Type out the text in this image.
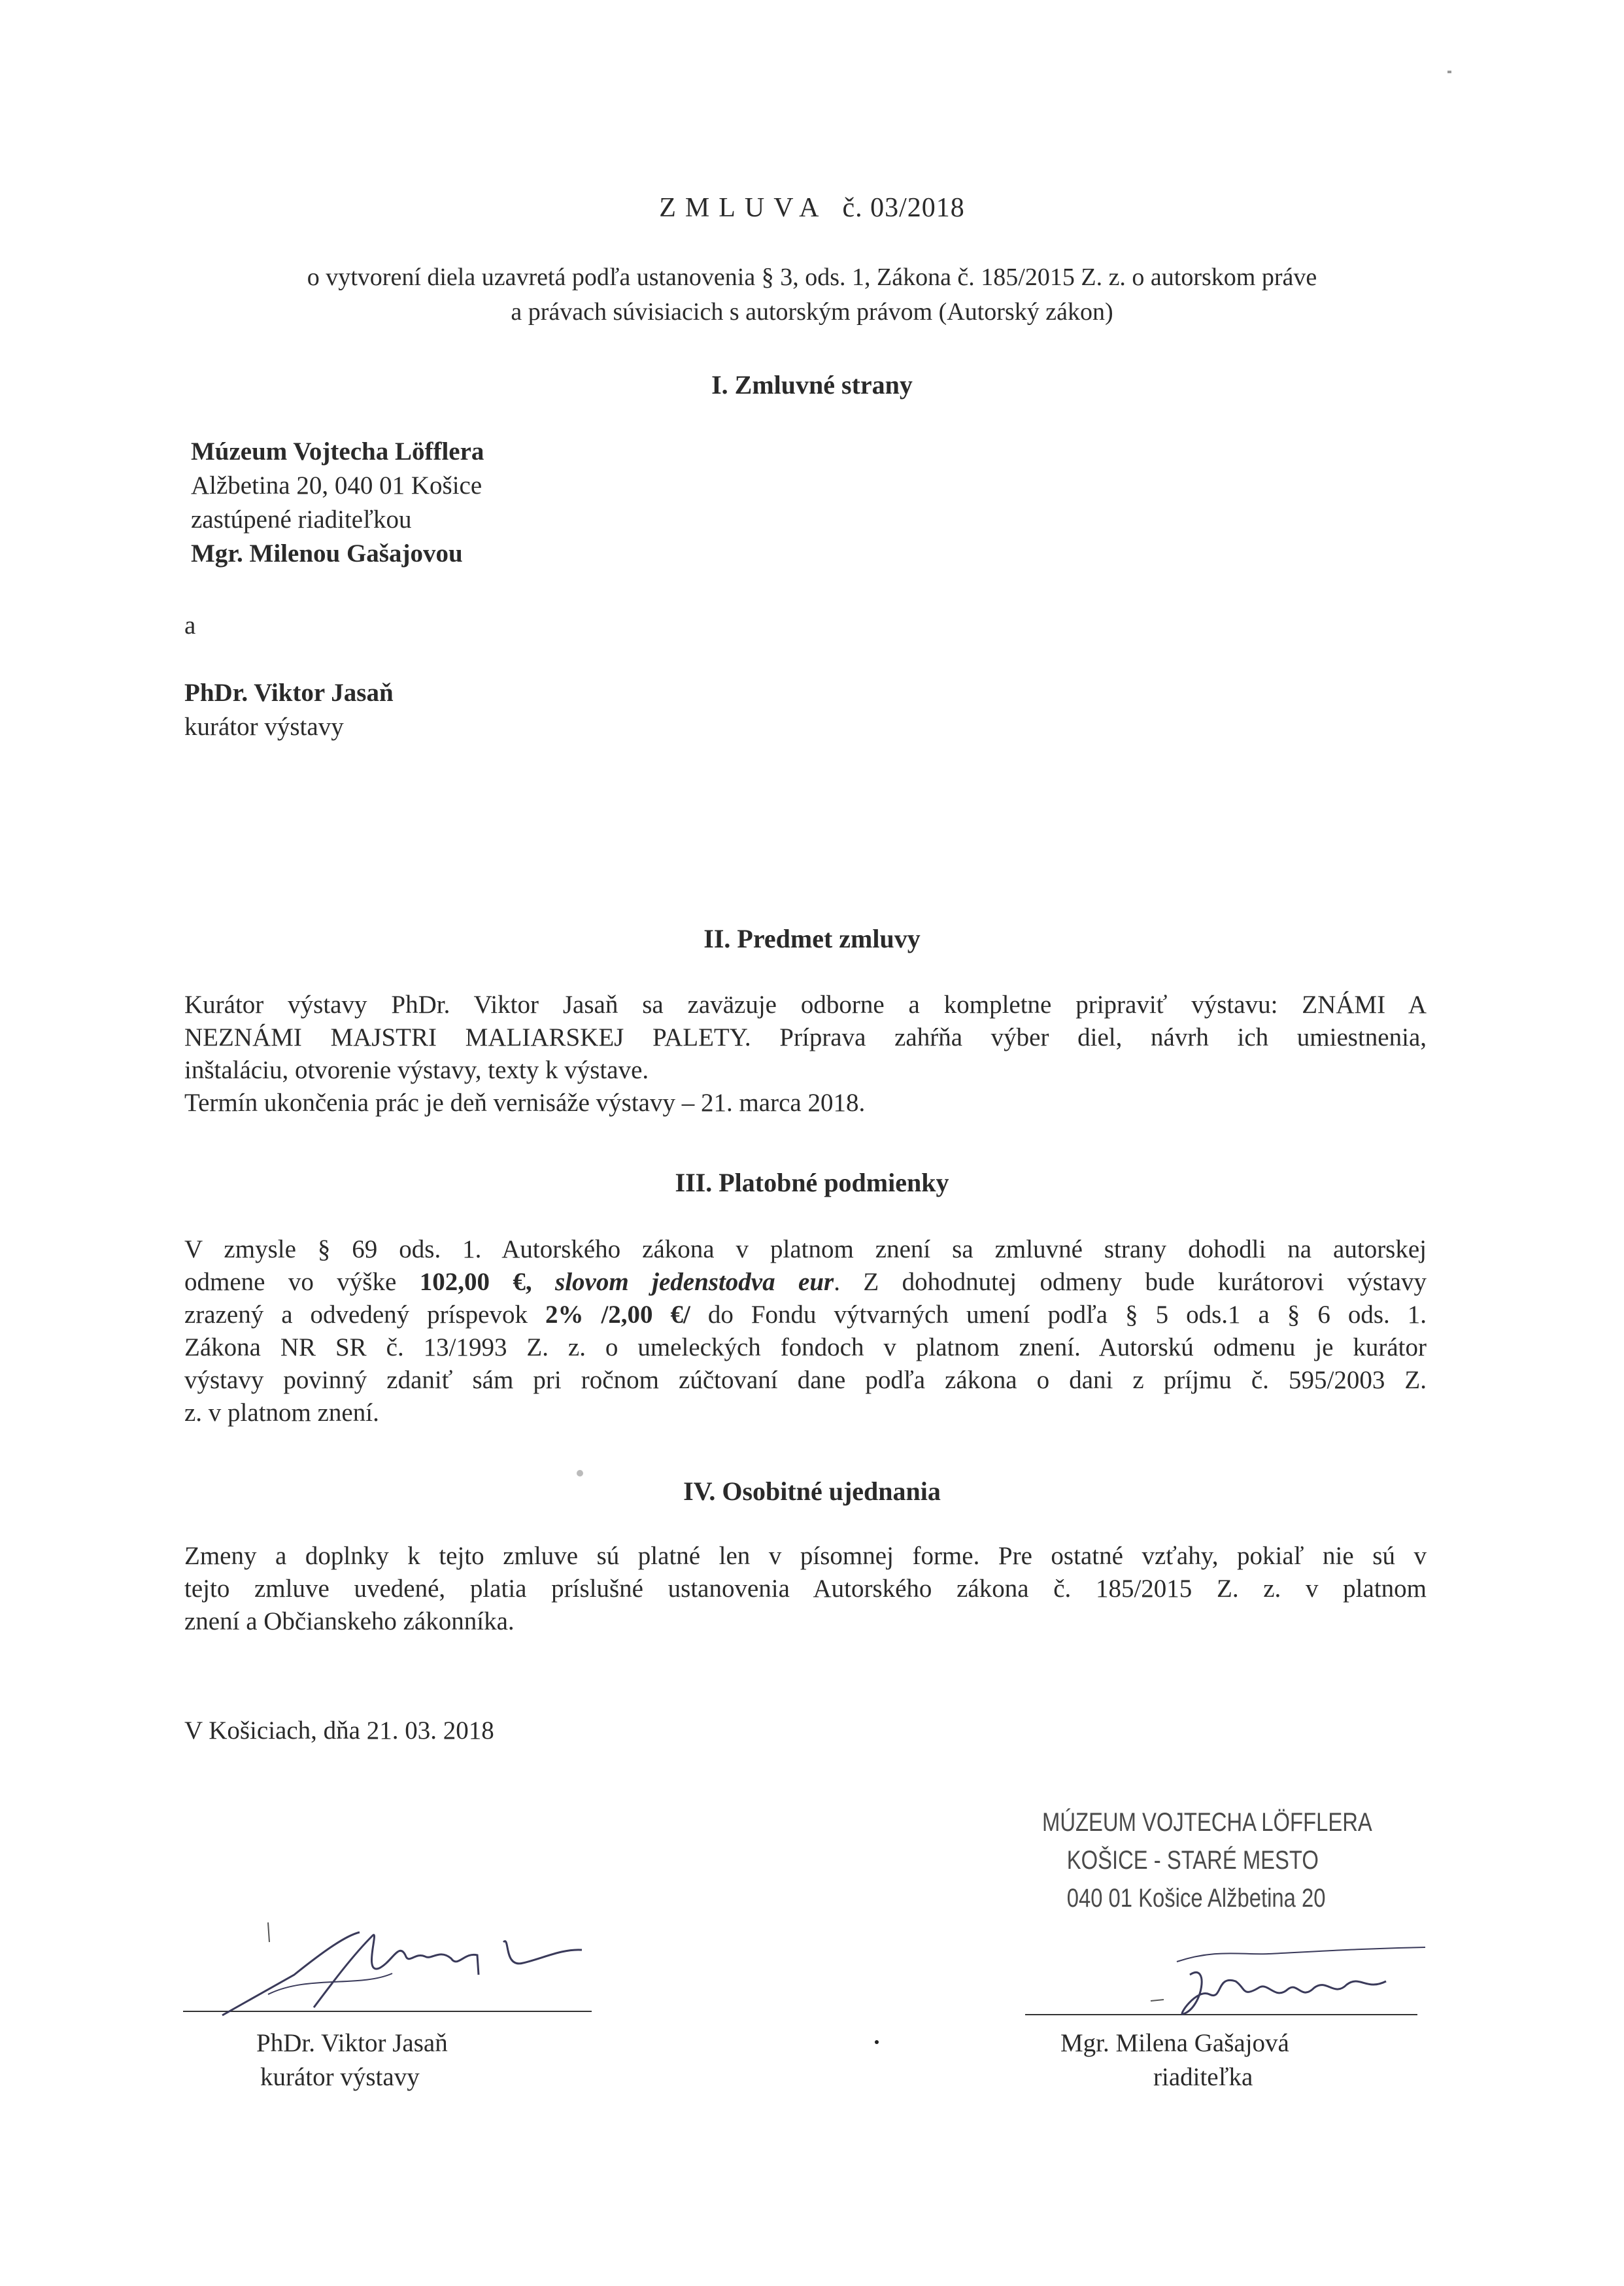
ZMLUVA č. 03/2018
o vytvorení diela uzavretá podľa ustanovenia § 3, ods. 1, Zákona č. 185/2015 Z. z. o autorskom práve
a právach súvisiacich s autorským právom (Autorský zákon)
I. Zmluvné strany
Múzeum Vojtecha Löfflera
Alžbetina 20, 040 01 Košice
zastúpené riaditeľkou
Mgr. Milenou Gašajovou
a
PhDr. Viktor Jasaň
kurátor výstavy
II. Predmet zmluvy
Kurátor výstavy PhDr. Viktor Jasaň sa zaväzuje odborne a kompletne pripraviť výstavu: ZNÁMI A
NEZNÁMI MAJSTRI MALIARSKEJ PALETY. Príprava zahŕňa výber diel, návrh ich umiestnenia,
inštaláciu, otvorenie výstavy, texty k výstave.
Termín ukončenia prác je deň vernisáže výstavy – 21. marca 2018.
III. Platobné podmienky
V zmysle § 69 ods. 1. Autorského zákona v platnom znení sa zmluvné strany dohodli na autorskej
odmene vo výške 102,00 €, slovom jedenstodva eur. Z dohodnutej odmeny bude kurátorovi výstavy
zrazený a odvedený príspevok 2% /2,00 €/ do Fondu výtvarných umení podľa § 5 ods.1 a § 6 ods. 1.
Zákona NR SR č. 13/1993 Z. z. o umeleckých fondoch v platnom znení. Autorskú odmenu je kurátor
výstavy povinný zdaniť sám pri ročnom zúčtovaní dane podľa zákona o dani z príjmu č. 595/2003 Z.
z. v platnom znení.
IV. Osobitné ujednania
Zmeny a doplnky k tejto zmluve sú platné len v písomnej forme. Pre ostatné vzťahy, pokiaľ nie sú v
tejto zmluve uvedené, platia príslušné ustanovenia Autorského zákona č. 185/2015 Z. z. v platnom
znení a Občianskeho zákonníka.
V Košiciach, dňa 21. 03. 2018
MÚZEUM VOJTECHA LÖFFLERA
KOŠICE - STARÉ MESTO
040 01 Košice Alžbetina 20
PhDr. Viktor Jasaň
kurátor výstavy
Mgr. Milena Gašajová
riaditeľka
